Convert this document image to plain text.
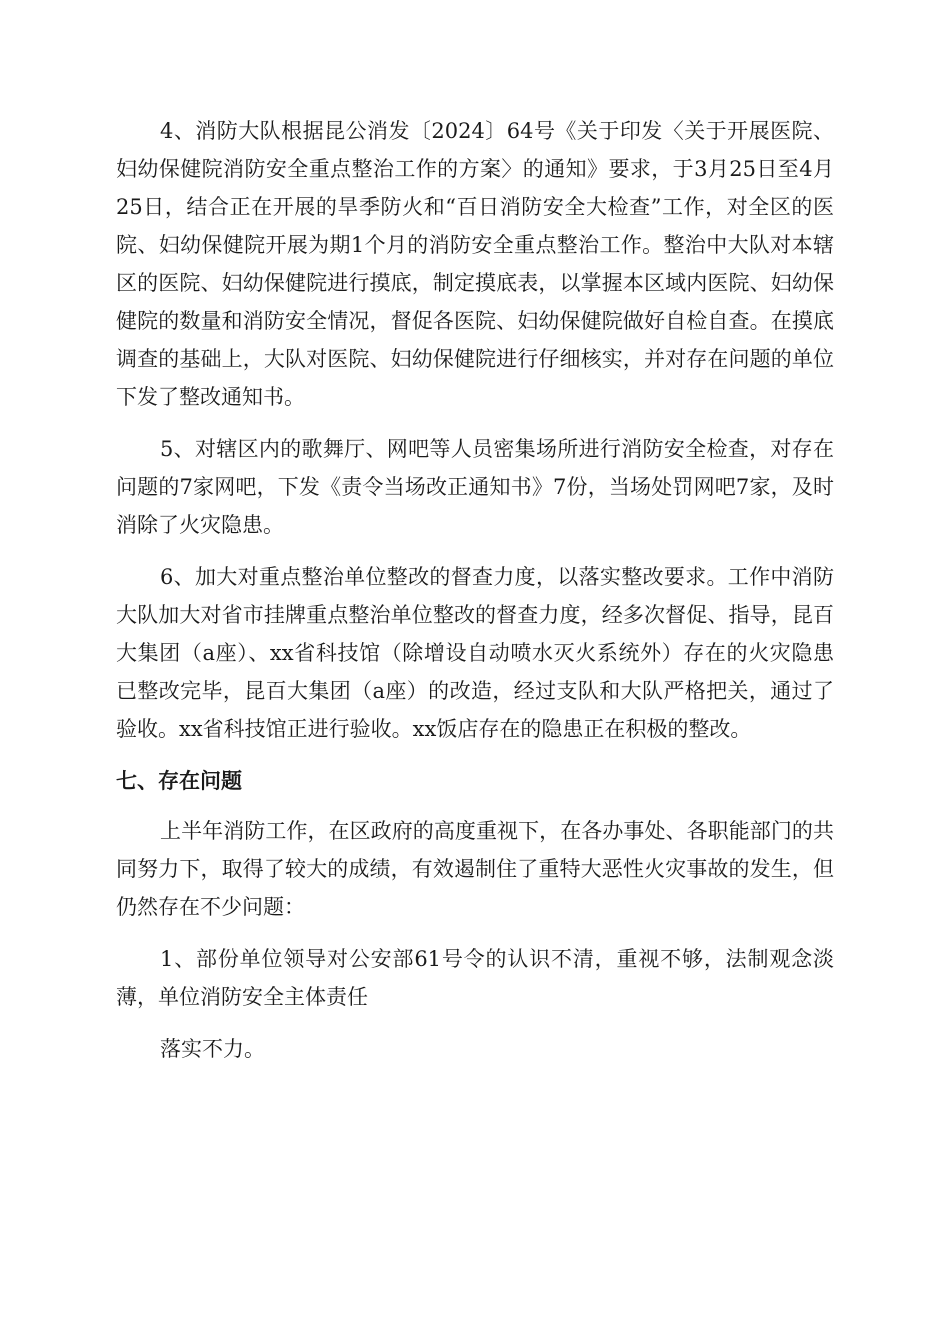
4、消防大队根据昆公消发〔2024〕64号《关于印发〈关于开展医院、妇幼保健院消防安全重点整治工作的方案〉的通知》要求，于3月25日至4月25日，结合正在开展的旱季防火和“百日消防安全大检查”工作，对全区的医院、妇幼保健院开展为期1个月的消防安全重点整治工作。整治中大队对本辖区的医院、妇幼保健院进行摸底，制定摸底表，以掌握本区域内医院、妇幼保健院的数量和消防安全情况，督促各医院、妇幼保健院做好自检自查。在摸底调查的基础上，大队对医院、妇幼保健院进行仔细核实，并对存在问题的单位下发了整改通知书。

5、对辖区内的歌舞厅、网吧等人员密集场所进行消防安全检查，对存在问题的7家网吧，下发《责令当场改正通知书》7份，当场处罚网吧7家，及时消除了火灾隐患。

6、加大对重点整治单位整改的督查力度，以落实整改要求。工作中消防大队加大对省市挂牌重点整治单位整改的督查力度，经多次督促、指导，昆百大集团（a座）、xx省科技馆（除增设自动喷水灭火系统外）存在的火灾隐患已整改完毕，昆百大集团（a座）的改造，经过支队和大队严格把关，通过了验收。xx省科技馆正进行验收。xx饭店存在的隐患正在积极的整改。

七、存在问题

上半年消防工作，在区政府的高度重视下，在各办事处、各职能部门的共同努力下，取得了较大的成绩，有效遏制住了重特大恶性火灾事故的发生，但仍然存在不少问题：

1、部份单位领导对公安部61号令的认识不清，重视不够，法制观念淡薄，单位消防安全主体责任

落实不力。
